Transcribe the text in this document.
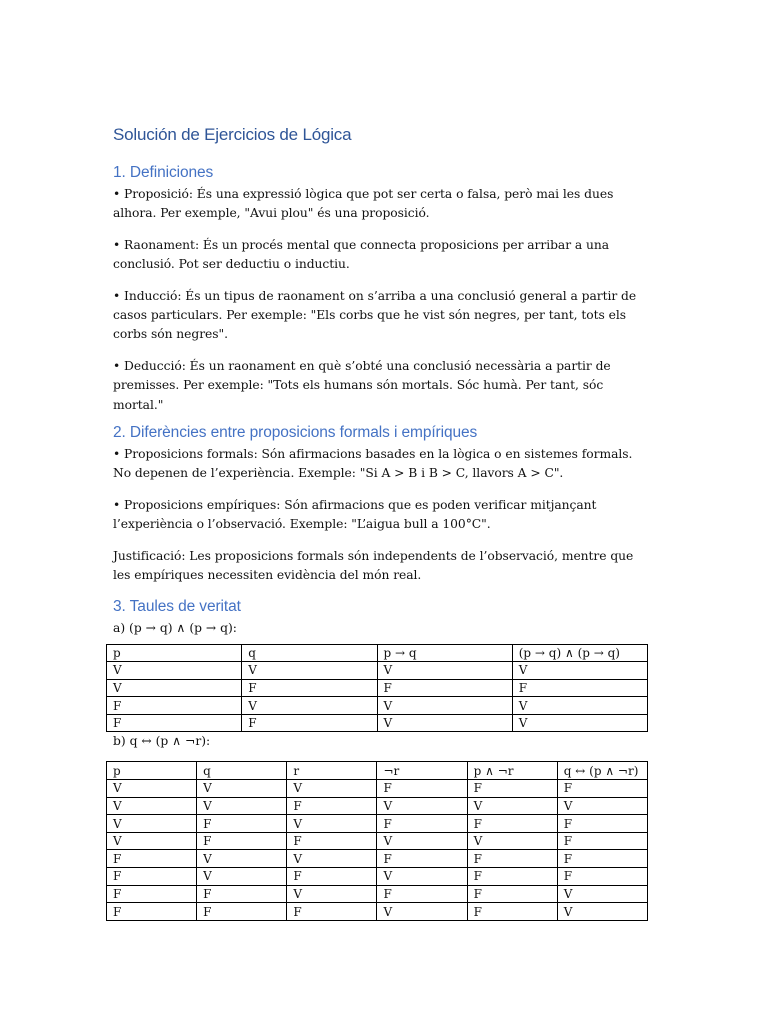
Solución de Ejercicios de Lógica
1. Definiciones

• Proposició: És una expressió lògica que pot ser certa o falsa, però mai les dues alhora. Per exemple, "Avui plou" és una proposició.

• Raonament: És un procés mental que connecta proposicions per arribar a una conclusió. Pot ser deductiu o inductiu.

• Inducció: És un tipus de raonament on s’arriba a una conclusió general a partir de casos particulars. Per exemple: "Els corbs que he vist són negres, per tant, tots els corbs són negres".

• Deducció: És un raonament en què s’obté una conclusió necessària a partir de premisses. Per exemple: "Tots els humans són mortals. Sóc humà. Per tant, sóc mortal."

2. Diferències entre proposicions formals i empíriques

• Proposicions formals: Són afirmacions basades en la lògica o en sistemes formals. No depenen de l’experiència. Exemple: "Si A > B i B > C, llavors A > C".

• Proposicions empíriques: Són afirmacions que es poden verificar mitjançant l’experiència o l’observació. Exemple: "L’aigua bull a 100°C".

Justificació: Les proposicions formals són independents de l’observació, mentre que les empíriques necessiten evidència del món real.

3. Taules de veritat

a) (p → q) ∧ (p → q):

p	q	p → q	(p → q) ∧ (p → q)
V	V	V	V
V	F	F	F
F	V	V	V
F	F	V	V

b) q ↔ (p ∧ ¬r):

p	q	r	¬r	p ∧ ¬r	q ↔ (p ∧ ¬r)
V	V	V	F	F	F
V	V	F	V	V	V
V	F	V	F	F	F
V	F	F	V	V	F
F	V	V	F	F	F
F	V	F	V	F	F
F	F	V	F	F	V
F	F	F	V	F	V
